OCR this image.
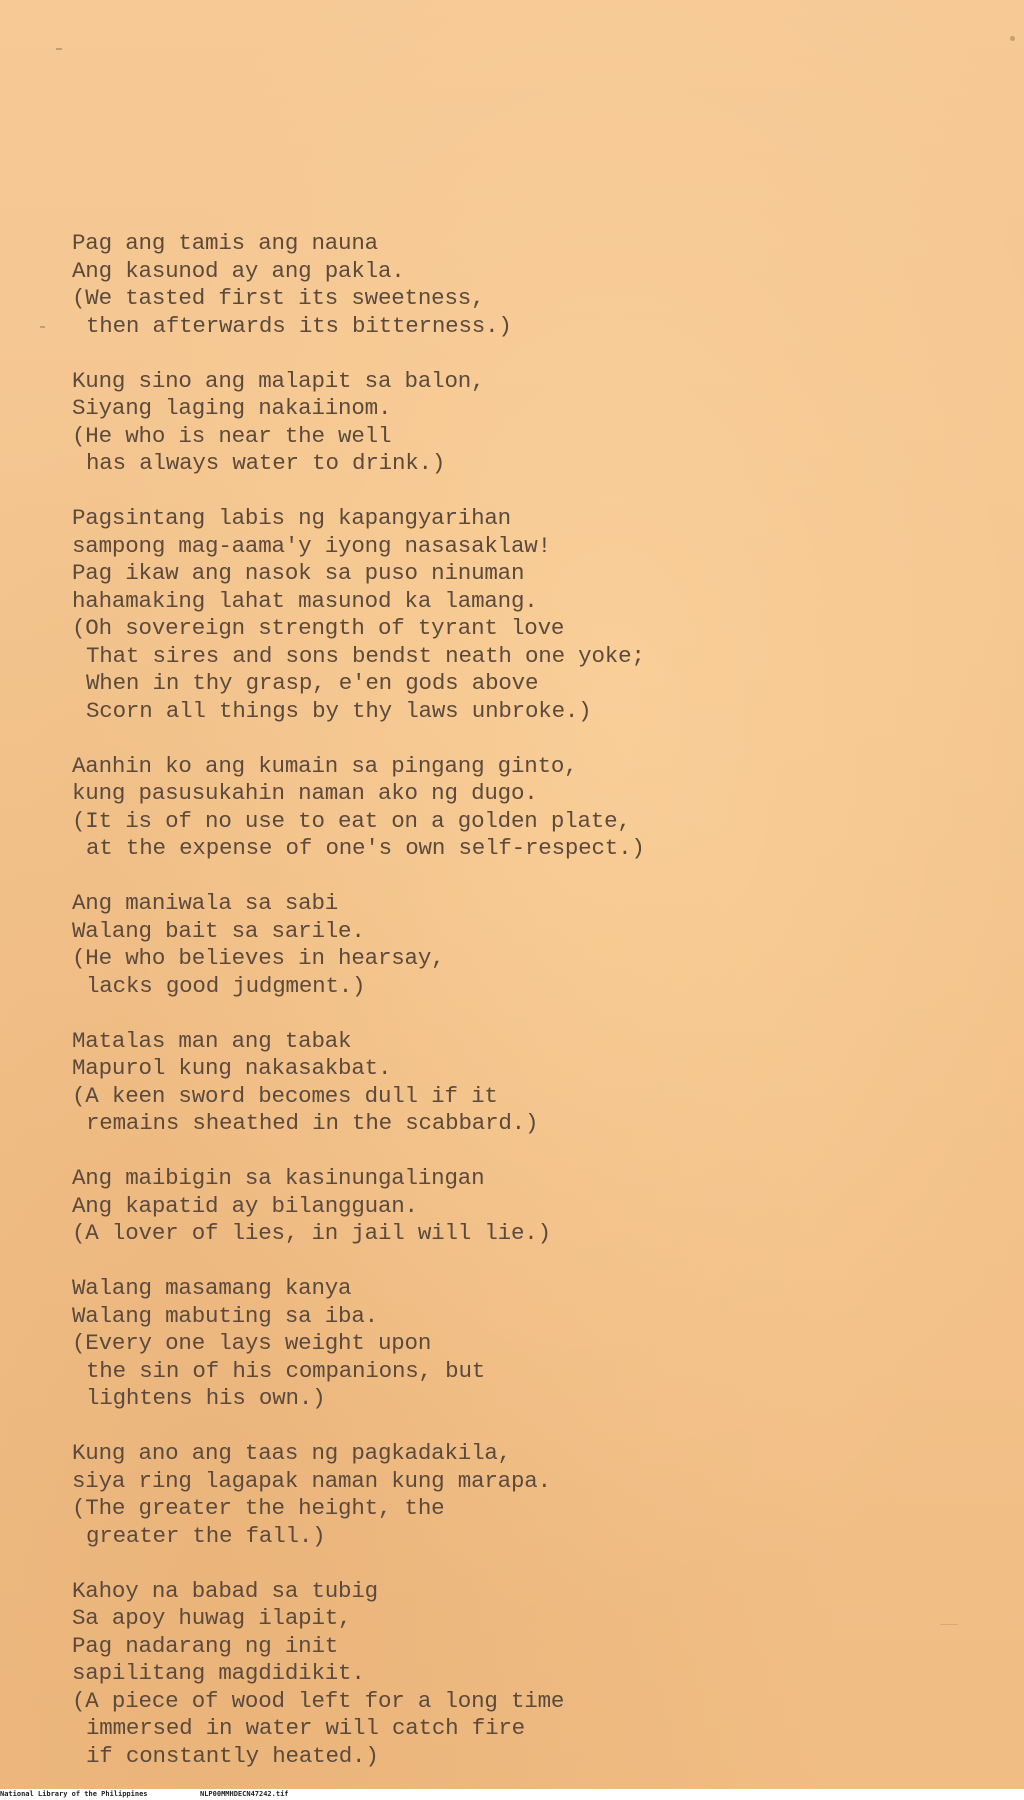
Pag ang tamis ang nauna
Ang kasunod ay ang pakla.
(We tasted first its sweetness,
then afterwards its bitterness.)
Kung sino ang malapit sa balon,
Siyang laging nakaiinom.
(He who is near the well
has always water to drink.)
Pagsintang labis ng kapangyarihan
sampong mag-aama'y iyong nasasaklaw!
Pag ikaw ang nasok sa puso ninuman
hahamaking lahat masunod ka lamang.
(Oh sovereign strength of tyrant love
That sires and sons bendst neath one yoke;
When in thy grasp, e'en gods above
Scorn all things by thy laws unbroke.)
Aanhin ko ang kumain sa pingang ginto,
kung pasusukahin naman ako ng dugo.
(It is of no use to eat on a golden plate,
at the expense of one's own self-respect.)
Ang maniwala sa sabi
Walang bait sa sarile.
(He who believes in hearsay,
lacks good judgment.)
Matalas man ang tabak
Mapurol kung nakasakbat.
(A keen sword becomes dull if it
remains sheathed in the scabbard.)
Ang maibigin sa kasinungalingan
Ang kapatid ay bilangguan.
(A lover of lies, in jail will lie.)
Walang masamang kanya
Walang mabuting sa iba.
(Every one lays weight upon
the sin of his companions, but
lightens his own.)
Kung ano ang taas ng pagkadakila,
siya ring lagapak naman kung marapa.
(The greater the height, the
greater the fall.)
Kahoy na babad sa tubig
Sa apoy huwag ilapit,
Pag nadarang ng init
sapilitang magdidikit.
(A piece of wood left for a long time
immersed in water will catch fire
if constantly heated.)
National Library of the Philippines	NLP00MMHDECN47242.tif
